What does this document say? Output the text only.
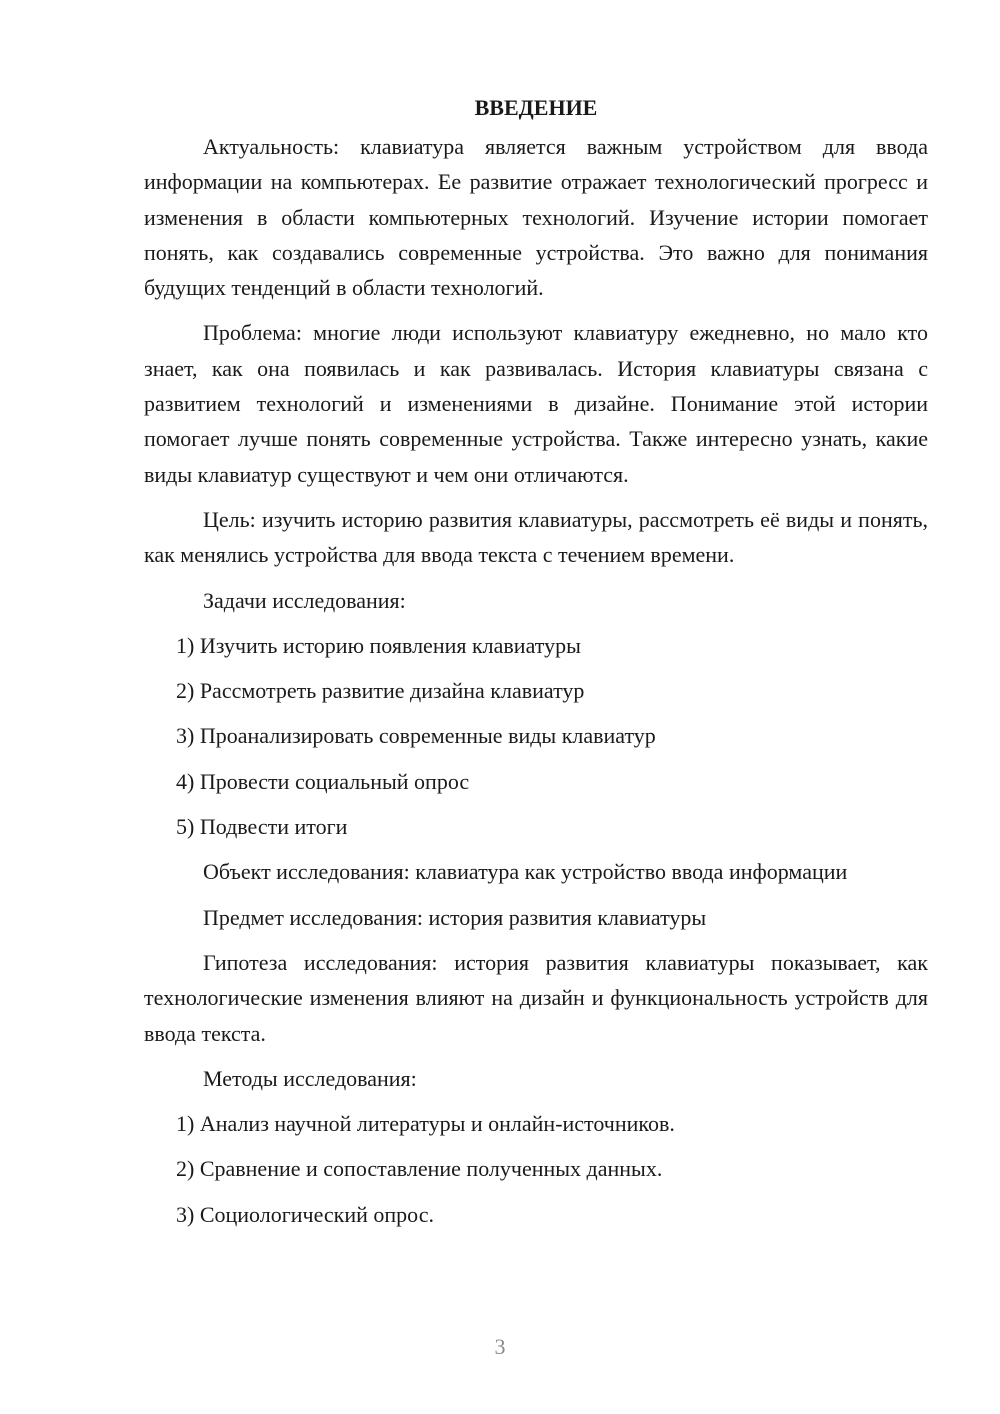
ВВЕДЕНИЕ

Актуальность: клавиатура является важным устройством для ввода информации на компьютерах. Ее развитие отражает технологический прогресс и изменения в области компьютерных технологий. Изучение истории помогает понять, как создавались современные устройства. Это важно для понимания будущих тенденций в области технологий.

Проблема: многие люди используют клавиатуру ежедневно, но мало кто знает, как она появилась и как развивалась. История клавиатуры связана с развитием технологий и изменениями в дизайне. Понимание этой истории помогает лучше понять современные устройства. Также интересно узнать, какие виды клавиатур существуют и чем они отличаются.

Цель: изучить историю развития клавиатуры, рассмотреть её виды и понять, как менялись устройства для ввода текста с течением времени.

Задачи исследования:
1) Изучить историю появления клавиатуры
2) Рассмотреть развитие дизайна клавиатур
3) Проанализировать современные виды клавиатур
4) Провести социальный опрос
5) Подвести итоги

Объект исследования: клавиатура как устройство ввода информации

Предмет исследования: история развития клавиатуры

Гипотеза исследования: история развития клавиатуры показывает, как технологические изменения влияют на дизайн и функциональность устройств для ввода текста.

Методы исследования:
1) Анализ научной литературы и онлайн-источников.
2) Сравнение и сопоставление полученных данных.
3) Социологический опрос.
3
